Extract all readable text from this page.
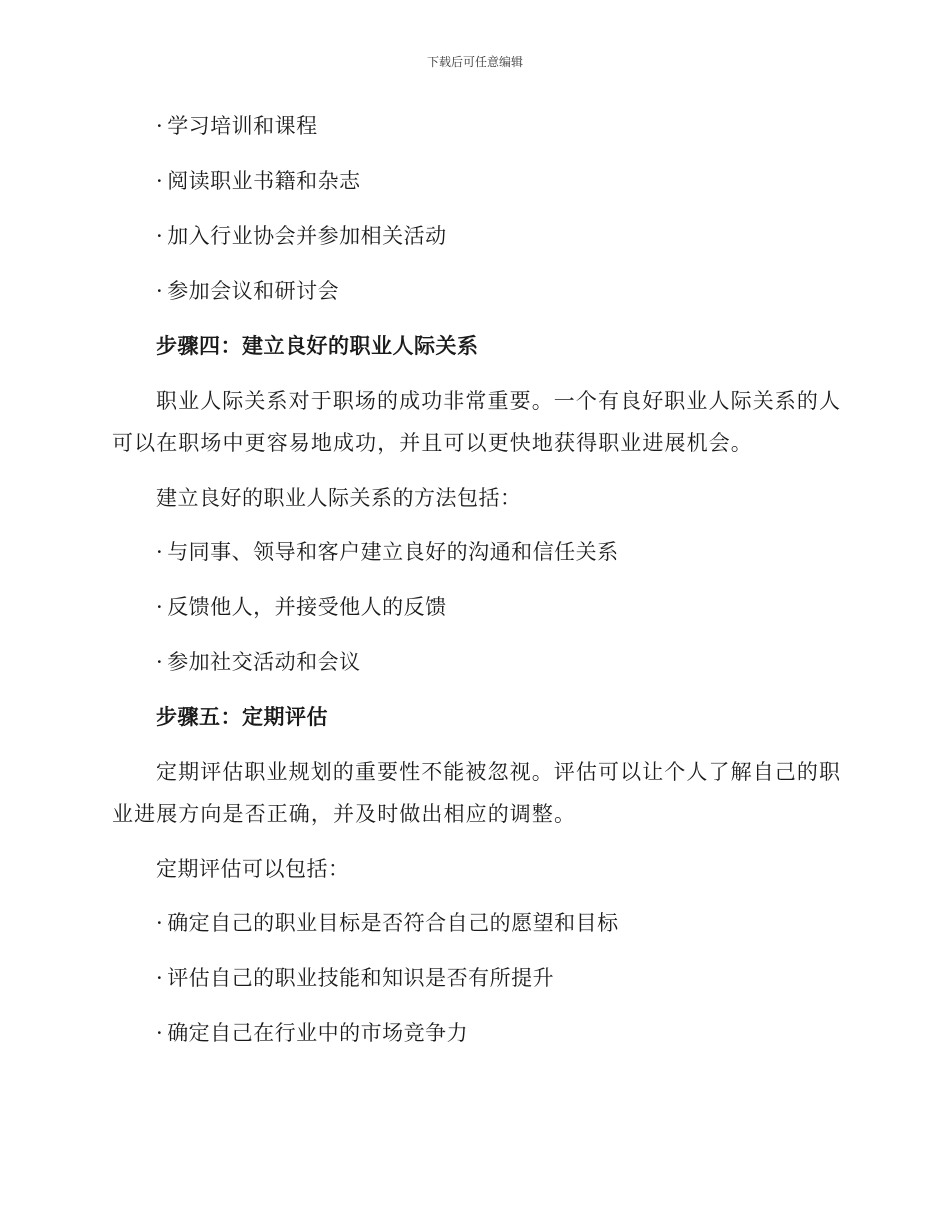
下载后可任意编辑
· 学习培训和课程
· 阅读职业书籍和杂志
· 加入行业协会并参加相关活动
· 参加会议和研讨会
步骤四：建立良好的职业人际关系
职业人际关系对于职场的成功非常重要。一个有良好职业人际关系的人
可以在职场中更容易地成功，并且可以更快地获得职业进展机会。
建立良好的职业人际关系的方法包括：
· 与同事、领导和客户建立良好的沟通和信任关系
· 反馈他人，并接受他人的反馈
· 参加社交活动和会议
步骤五：定期评估
定期评估职业规划的重要性不能被忽视。评估可以让个人了解自己的职
业进展方向是否正确，并及时做出相应的调整。
定期评估可以包括：
· 确定自己的职业目标是否符合自己的愿望和目标
· 评估自己的职业技能和知识是否有所提升
· 确定自己在行业中的市场竞争力
